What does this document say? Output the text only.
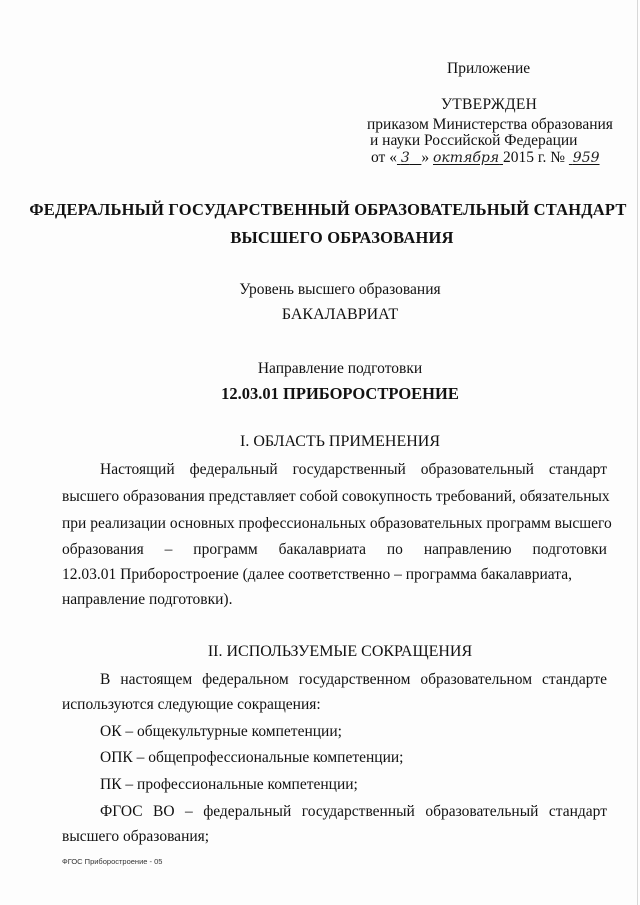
Приложение
УТВЕРЖДЕН
приказом Министерства образования
и науки Российской Федерации
от « 3 » октября 2015 г. № 959
ФЕДЕРАЛЬНЫЙ ГОСУДАРСТВЕННЫЙ ОБРАЗОВАТЕЛЬНЫЙ СТАНДАРТ
ВЫСШЕГО ОБРАЗОВАНИЯ
Уровень высшего образования
БАКАЛАВРИАТ
Направление подготовки
12.03.01 ПРИБОРОСТРОЕНИЕ
I. ОБЛАСТЬ ПРИМЕНЕНИЯ
Настоящий федеральный государственный образовательный стандарт
высшего образования представляет собой совокупность требований, обязательных
при реализации основных профессиональных образовательных программ высшего
образования – программ бакалавриата по направлению подготовки
12.03.01 Приборостроение (далее соответственно – программа бакалавриата,
направление подготовки).
II. ИСПОЛЬЗУЕМЫЕ СОКРАЩЕНИЯ
В настоящем федеральном государственном образовательном стандарте
используются следующие сокращения:
ОК – общекультурные компетенции;
ОПК – общепрофессиональные компетенции;
ПК – профессиональные компетенции;
ФГОС ВО – федеральный государственный образовательный стандарт
высшего образования;
ФГОС Приборостроение - 05
